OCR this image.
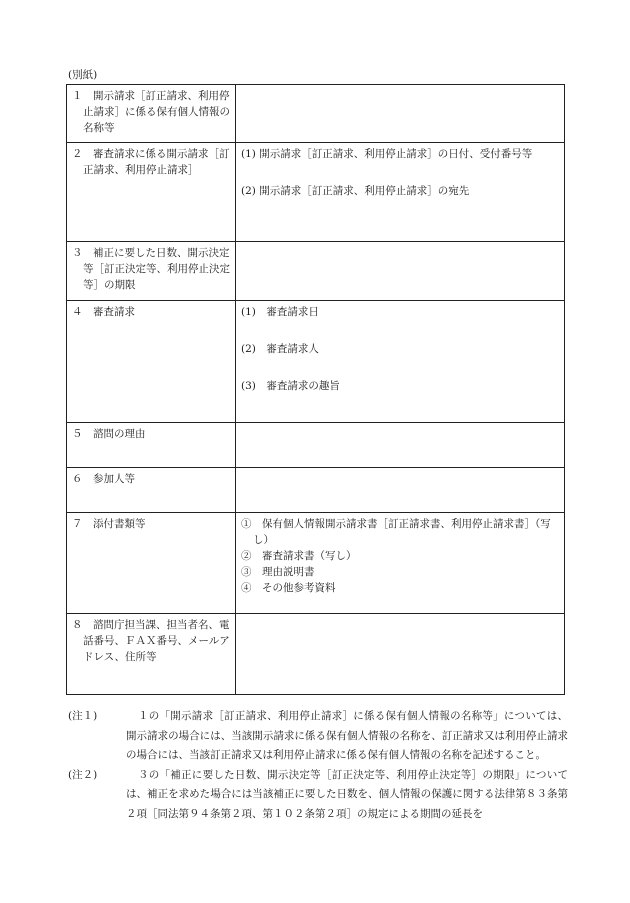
(別紙)
１　開示請求［訂正請求、利用停止請求］に係る保有個人情報の名称等	

２　審査請求に係る開示請求［訂正請求、利用停止請求］	(1) 開示請求［訂正請求、利用停止請求］の日付、受付番号等
(2) 開示請求［訂正請求、利用停止請求］の宛先

３　補正に要した日数、開示決定等［訂正決定等、利用停止決定等］の期限	

４　審査請求	(1)　審査請求日
(2)　審査請求人
(3)　審査請求の趣旨

５　諮問の理由	

６　参加人等	

７　添付書類等	①　保有個人情報開示請求書［訂正請求書、利用停止請求書］（写し）
②　審査請求書（写し）
③　理由説明書
④　その他参考資料

８　諮問庁担当課、担当者名、電話番号、ＦＡＸ番号、メールアドレス、住所等	

(注１)	１の「開示請求［訂正請求、利用停止請求］に係る保有個人情報の名称等」については、開示請求の場合には、当該開示請求に係る保有個人情報の名称を、訂正請求又は利用停止請求の場合には、当該訂正請求又は利用停止請求に係る保有個人情報の名称を記述すること。
(注２)	３の「補正に要した日数、開示決定等［訂正決定等、利用停止決定等］の期限」については、補正を求めた場合には当該補正に要した日数を、個人情報の保護に関する法律第８３条第２項［同法第９４条第２項、第１０２条第２項］の規定による期間の延長を
